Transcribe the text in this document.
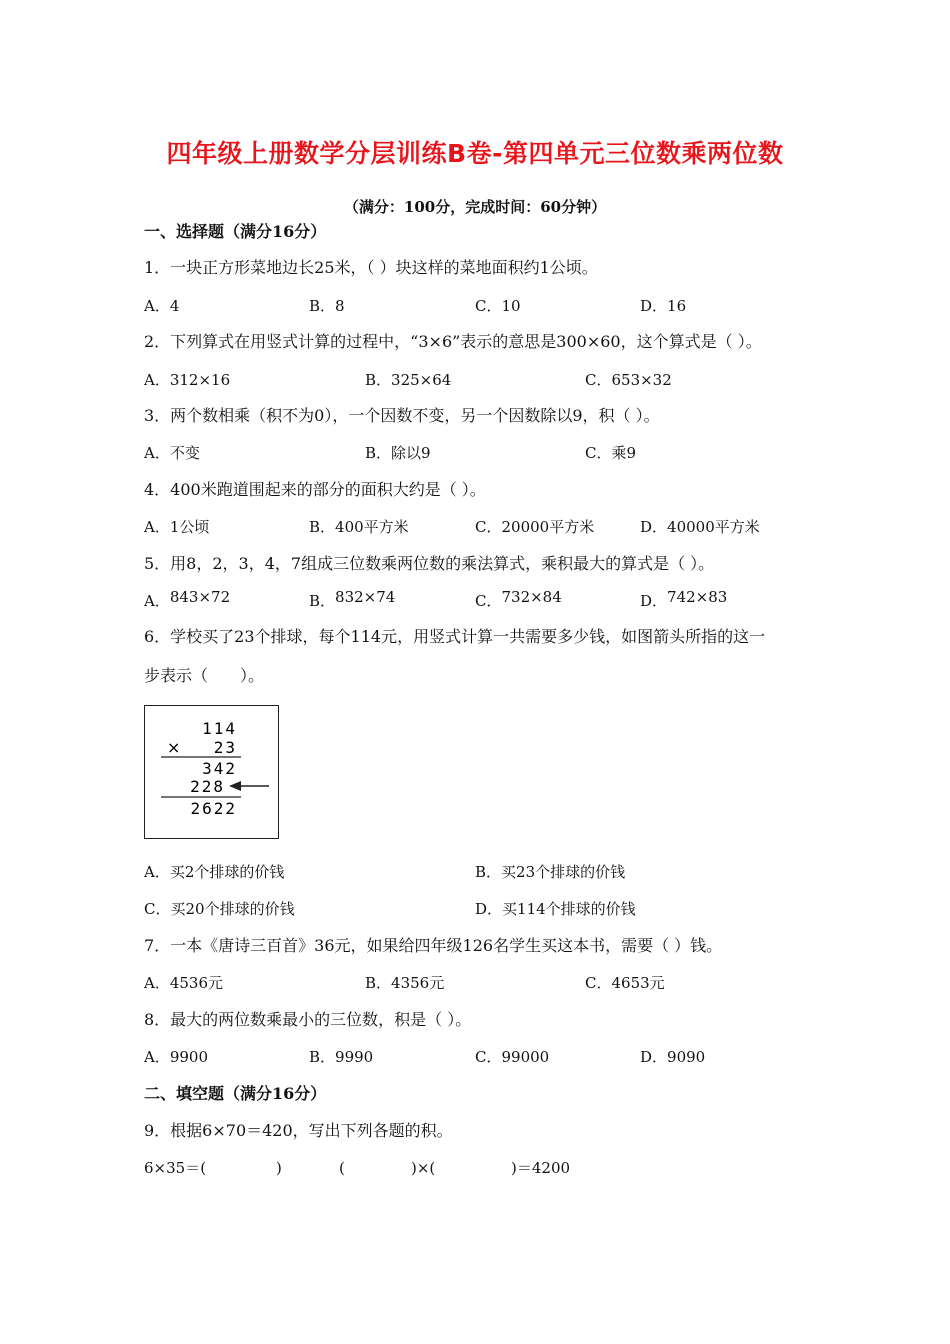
四年级上册数学分层训练B卷-第四单元三位数乘两位数
（满分：100分，完成时间：60分钟）
一、选择题（满分16分）
1．一块正方形菜地边长25米，（ ）块这样的菜地面积约1公顷。
A．4	B．8	C．10	D．16
2．下列算式在用竖式计算的过程中，“3×6”表示的意思是300×60，这个算式是（ ）。
A．312×16	B．325×64	C．653×32
3．两个数相乘（积不为0），一个因数不变，另一个因数除以9，积（ ）。
A．不变	B．除以9	C．乘9
4．400米跑道围起来的部分的面积大约是（ ）。
A．1公顷	B．400平方米	C．20000平方米	D．40000平方米
5．用8，2，3，4，7组成三位数乘两位数的乘法算式，乘积最大的算式是（ ）。
A．843×72	B．832×74	C．732×84	D．742×83
6．学校买了23个排球，每个114元，用竖式计算一共需要多少钱，如图箭头所指的这一
步表示（　　）。
114
× 23
342
228
2622
A．买2个排球的价钱	B．买23个排球的价钱
C．买20个排球的价钱	D．买114个排球的价钱
7．一本《唐诗三百首》36元，如果给四年级126名学生买这本书，需要（ ）钱。
A．4536元	B．4356元	C．4653元
8．最大的两位数乘最小的三位数，积是（ ）。
A．9900	B．9990	C．99000	D．9090
二、填空题（满分16分）
9．根据6×70＝420，写出下列各题的积。
6×35＝(	)	(	)×(	)＝4200
